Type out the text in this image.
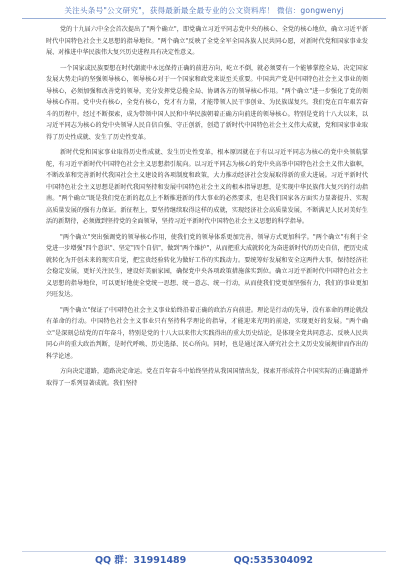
关注头条号"公文研究"，获得最新最全最专业的公文资料库！ 微信：gongwenyj

党的十九届六中全会首次提出了"两个确立"，即党确立习近平同志党中央的核心、全党的核心地位，确立习近平新时代中国特色社会主义思想的指导地位。"两个确立"反映了全党全军全国各族人民共同心愿，对新时代党和国家事业发展、对推进中华民族伟大复兴历史进程具有决定性意义。

一个国家或民族要想在时代潮流中永远保持正确的前进方向，屹立不倒，就必须要有一个能够掌控全局、决定国家发展大势走向的坚强领导核心，领导核心对于一个国家和政党来说至关重要。中国共产党是中国特色社会主义事业的领导核心，必须加强和改善党的领导，充分发挥党总揽全局、协调各方的领导核心作用。"两个确立"进一步强化了党的领导核心作用。党中央有核心，全党有核心，党才有力量，才能带领人民干事创业、为民族谋复兴。我们党在百年艰苦奋斗的历程中，经过不断探索，成为带领中国人民和中华民族朝着正确方向前进的领导核心。特别是党的十八大以来，以习近平同志为核心的党中央领导人民自信自强、守正创新，创造了新时代中国特色社会主义伟大成就，党和国家事业取得了历史性成就、发生了历史性变革。

新时代党和国家事业取得历史性成就、发生历史性变革，根本原因就在于有以习近平同志为核心的党中央领航掌舵，有习近平新时代中国特色社会主义思想指引航向。以习近平同志为核心的党中央高举中国特色社会主义伟大旗帜，不断改革和完善新时代我国社会主义建设的各项制度和政策，大力推动经济社会发展取得新的重大进展。习近平新时代中国特色社会主义思想是新时代我国坚持和发展中国特色社会主义的根本指导思想，是实现中华民族伟大复兴的行动指南。"两个确立"既是我们党在新的起点上不断推进新的伟大事业的必然要求，也是我们国家各方面实力显著提升、实现高质量发展的强有力保证。新征程上，要坚持继续取得这样的成就，实现经济社会高质量发展，不断满足人民对美好生活的新期待，必须做到坚持党的全面领导，坚持习近平新时代中国特色社会主义思想的科学指导。

"两个确立"突出强调党的领导核心作用，使我们党的领导体系更加完善，领导方式更加科学。"两个确立"有利于全党进一步增强"四个意识"、坚定"四个自信"，做到"两个维护"，从而把重大成就转化为奋进新时代的历史自信，把历史成就转化为开创未来的现实自觉，把宝贵经验转化为做好工作的实践动力。要统筹好发展和安全这两件大事，保持经济社会稳定发展，更好关注民生，建设好美丽家园，确保党中央各项政策措施落实到位。确立习近平新时代中国特色社会主义思想的指导地位，可以更好地使全党统一思想、统一意志、统一行动，从而使我们党更加坚强有力，我们的事业更加兴旺发达。

"两个确立"保证了中国特色社会主义事业始终沿着正确的政治方向前进。理论是行动的先导，没有革命的理论就没有革命的行动。中国特色社会主义事业只有坚持科学理论的指导，才能迎来光明的前途，实现更好的发展。"两个确立"是深刻总结党的百年奋斗，特别是党的十八大以来伟大实践得出的重大历史结论，是体现全党共同意志、反映人民共同心声的重大政治判断，是时代呼唤、历史选择、民心所向。同时，也是通过深入研究社会主义历史发展规律而作出的科学论述。

方向决定道路，道路决定命运。党在百年奋斗中始终坚持从我国国情出发，探索开形成符合中国实际的正确道路并取得了一系列显著成就。我们坚持

QQ 群：31991489	QQ:535304092
